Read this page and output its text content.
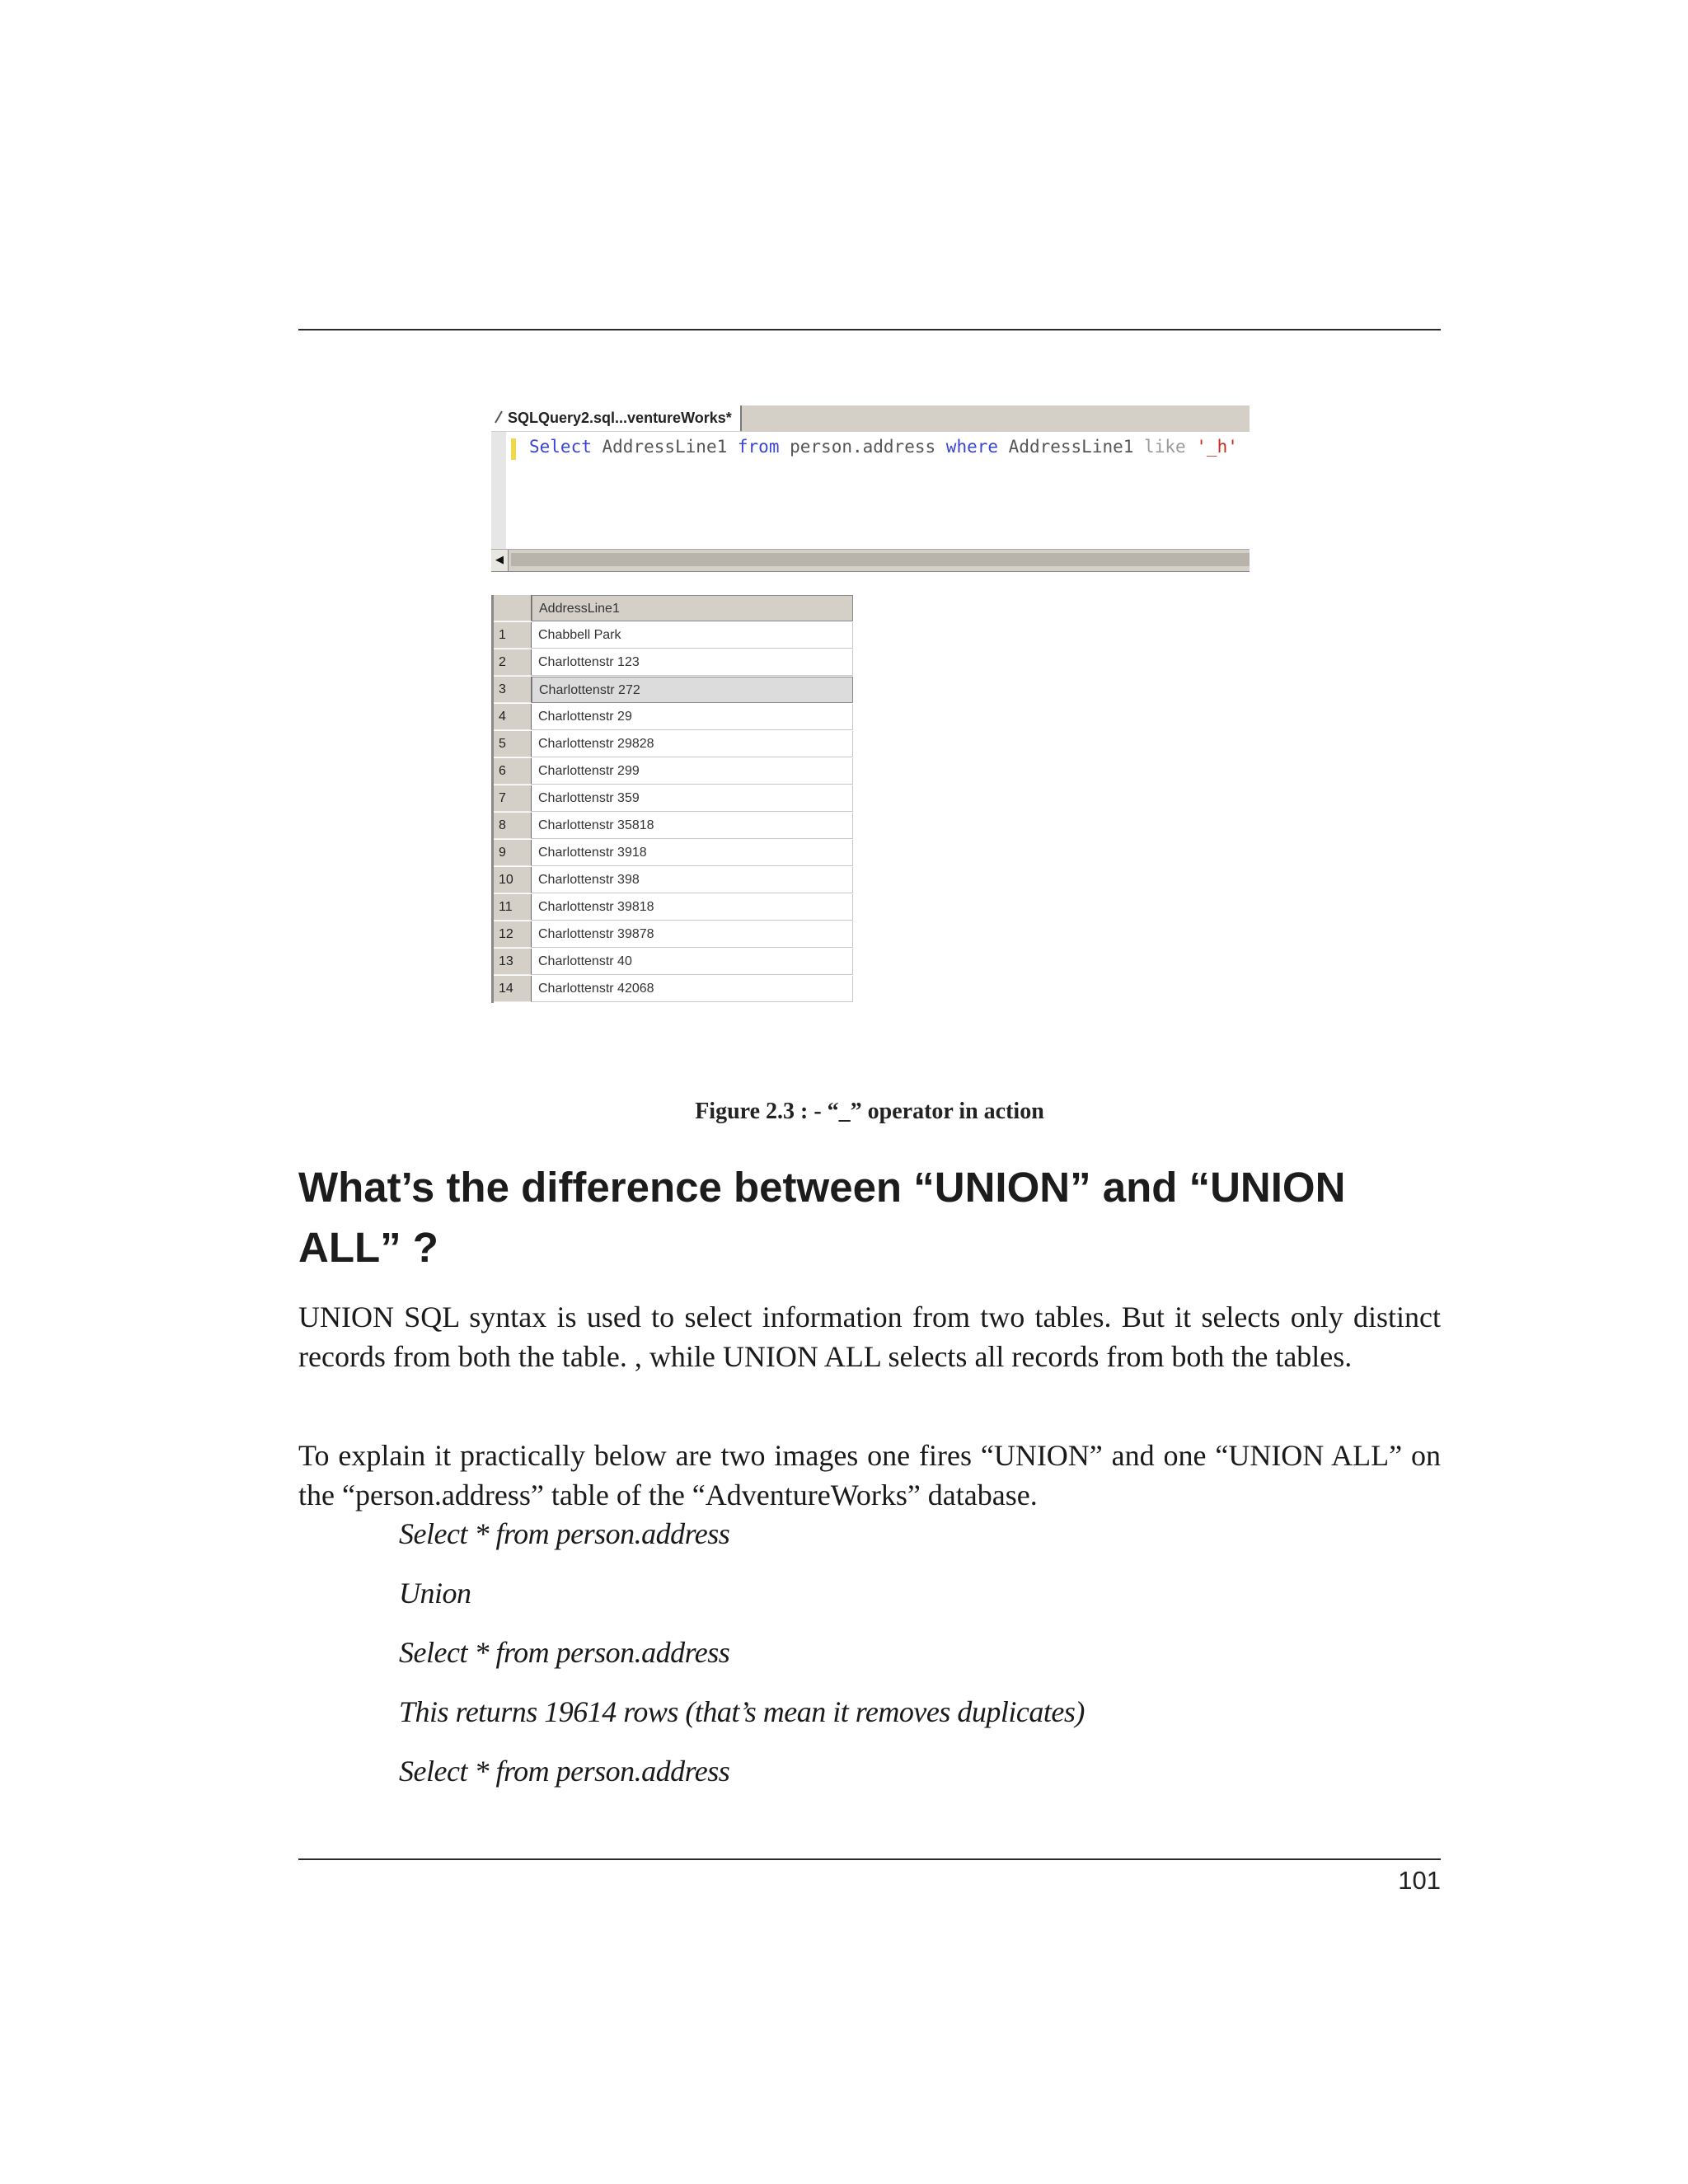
SQLQuery2.sql...ventureWorks*
Select AddressLine1 from person.address where AddressLine1 like '_h'
◀
AddressLine1
1	Chabbell Park
2	Charlottenstr 123
3	Charlottenstr 272
4	Charlottenstr 29
5	Charlottenstr 29828
6	Charlottenstr 299
7	Charlottenstr 359
8	Charlottenstr 35818
9	Charlottenstr 3918
10	Charlottenstr 398
11	Charlottenstr 39818
12	Charlottenstr 39878
13	Charlottenstr 40
14	Charlottenstr 42068
Figure 2.3 : - “_” operator in action
What’s the difference between “UNION” and “UNION
ALL” ?

UNION SQL syntax is used to select information from two tables. But it selects only distinct records from both the table. , while UNION ALL selects all records from both the tables.

To explain it practically below are two images one fires “UNION” and one “UNION ALL” on the “person.address” table of the “AdventureWorks” database.

Select * from person.address

Union

Select * from person.address

This returns 19614 rows (that’s mean it removes duplicates)

Select * from person.address

101
